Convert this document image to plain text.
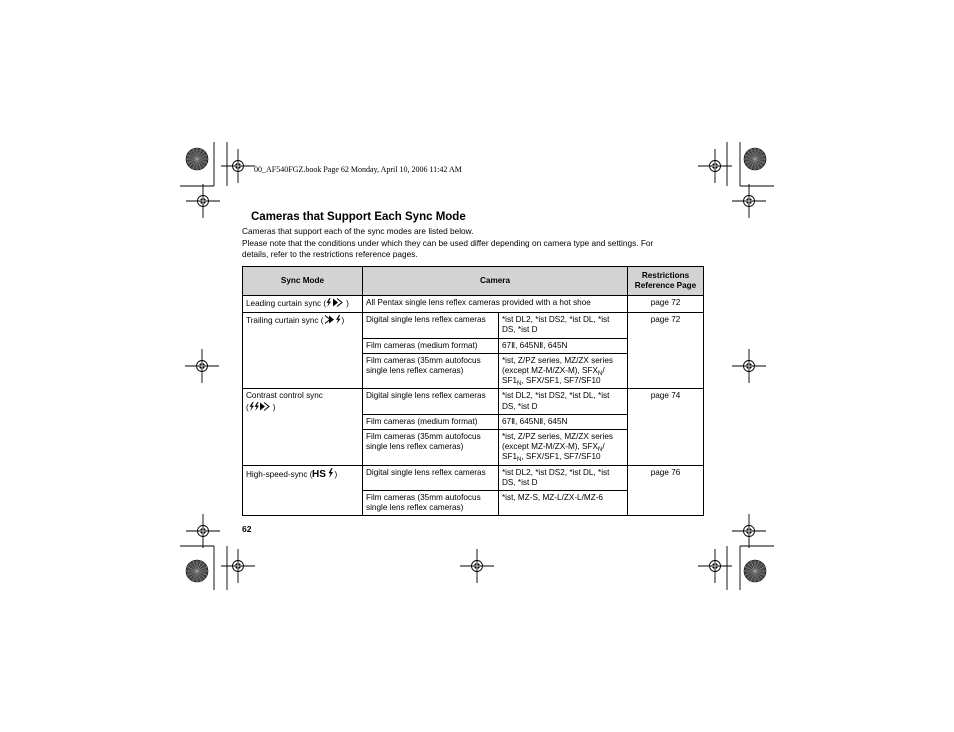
00_AF540FGZ.book Page 62 Monday, April 10, 2006 11:42 AM
Cameras that Support Each Sync Mode
Cameras that support each of the sync modes are listed below.
Please note that the conditions under which they can be used differ depending on camera type and settings. For
details, refer to the restrictions reference pages.
Sync Mode	Camera		Restrictions Reference Page
Leading curtain sync ( )	All Pentax single lens reflex cameras provided with a hot shoe		page 72
Trailing curtain sync ( )	Digital single lens reflex cameras	*ist DL2, *ist DS2, *ist DL, *ist DS, *ist D	page 72
	Film cameras (medium format)	67Ⅱ, 645NⅡ, 645N	
	Film cameras (35mm autofocus single lens reflex cameras)	*ist, Z/PZ series, MZ/ZX series (except MZ-M/ZX-M), $SFX_N/$ $SF1_N$, SFX/SF1, SF7/SF10	
Contrast control sync
( )	Digital single lens reflex cameras	*ist DL2, *ist DS2, *ist DL, *ist DS, *ist D	page 74
	Film cameras (medium format)	67Ⅱ, 645NⅡ, 645N	
	Film cameras (35mm autofocus single lens reflex cameras)	*ist, Z/PZ series, MZ/ZX series (except MZ-M/ZX-M), $SFX_N/$ $SF1_N$, SFX/SF1, SF7/SF10	
High-speed-sync ( HS )	Digital single lens reflex cameras	*ist DL2, *ist DS2, *ist DL, *ist DS, *ist D	page 76
	Film cameras (35mm autofocus single lens reflex cameras)	*ist, MZ-S, MZ-L/ZX-L/MZ-6	
62
